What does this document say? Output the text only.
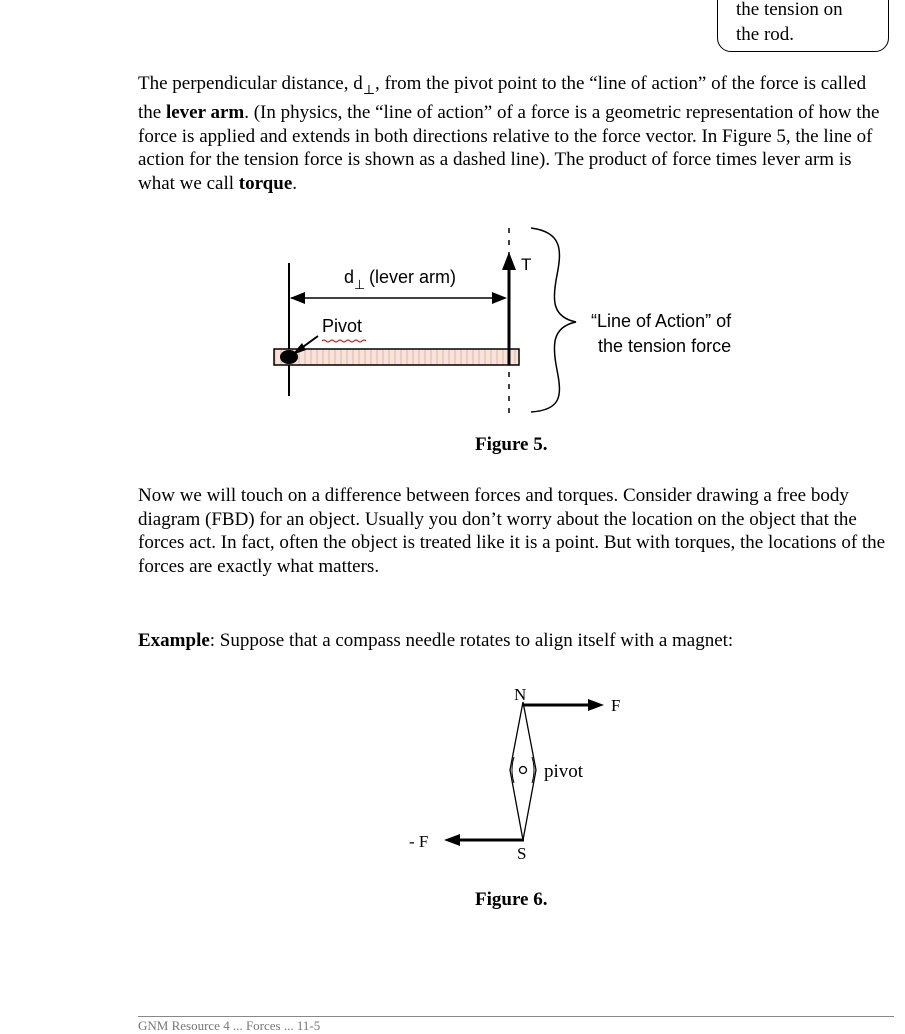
the tension on
the rod.

The perpendicular distance, $d_\perp$, from the pivot point to the “line of action” of the force is called the lever arm. (In physics, the “line of action” of a force is a geometric representation of how the force is applied and extends in both directions relative to the force vector. In Figure 5, the line of action for the tension force is shown as a dashed line). The product of force times lever arm is what we call torque.

d ⊥ (lever arm)
Pivot
T
“Line of Action” of
the tension force
N
S
F
- F
pivot
Figure 5.

Now we will touch on a difference between forces and torques. Consider drawing a free body diagram (FBD) for an object. Usually you don’t worry about the location on the object that the forces act. In fact, often the object is treated like it is a point. But with torques, the locations of the forces are exactly what matters.

Example: Suppose that a compass needle rotates to align itself with a magnet:

Figure 6.
GNM Resource 4 ... Forces ... 11-5
